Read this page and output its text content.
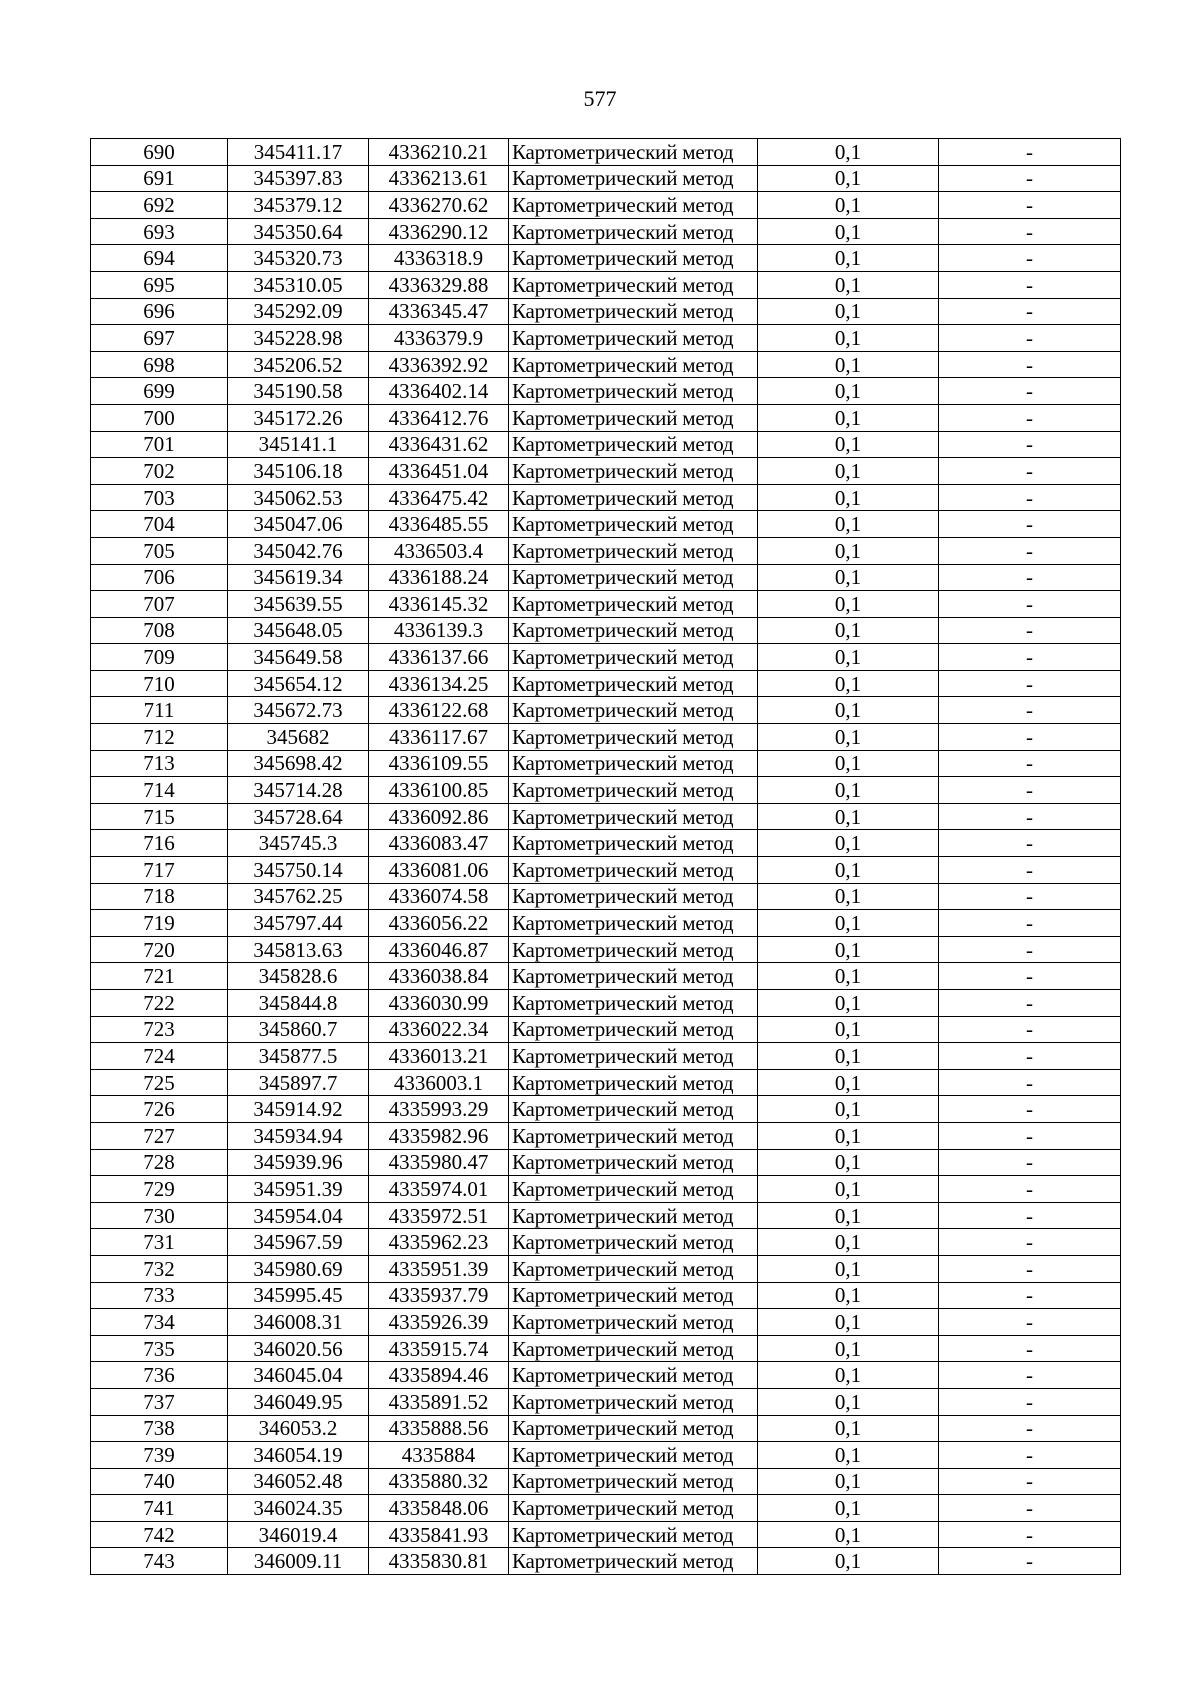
577
690	345411.17	4336210.21	Картометрический метод	0,1	-
691	345397.83	4336213.61	Картометрический метод	0,1	-
692	345379.12	4336270.62	Картометрический метод	0,1	-
693	345350.64	4336290.12	Картометрический метод	0,1	-
694	345320.73	4336318.9	Картометрический метод	0,1	-
695	345310.05	4336329.88	Картометрический метод	0,1	-
696	345292.09	4336345.47	Картометрический метод	0,1	-
697	345228.98	4336379.9	Картометрический метод	0,1	-
698	345206.52	4336392.92	Картометрический метод	0,1	-
699	345190.58	4336402.14	Картометрический метод	0,1	-
700	345172.26	4336412.76	Картометрический метод	0,1	-
701	345141.1	4336431.62	Картометрический метод	0,1	-
702	345106.18	4336451.04	Картометрический метод	0,1	-
703	345062.53	4336475.42	Картометрический метод	0,1	-
704	345047.06	4336485.55	Картометрический метод	0,1	-
705	345042.76	4336503.4	Картометрический метод	0,1	-
706	345619.34	4336188.24	Картометрический метод	0,1	-
707	345639.55	4336145.32	Картометрический метод	0,1	-
708	345648.05	4336139.3	Картометрический метод	0,1	-
709	345649.58	4336137.66	Картометрический метод	0,1	-
710	345654.12	4336134.25	Картометрический метод	0,1	-
711	345672.73	4336122.68	Картометрический метод	0,1	-
712	345682	4336117.67	Картометрический метод	0,1	-
713	345698.42	4336109.55	Картометрический метод	0,1	-
714	345714.28	4336100.85	Картометрический метод	0,1	-
715	345728.64	4336092.86	Картометрический метод	0,1	-
716	345745.3	4336083.47	Картометрический метод	0,1	-
717	345750.14	4336081.06	Картометрический метод	0,1	-
718	345762.25	4336074.58	Картометрический метод	0,1	-
719	345797.44	4336056.22	Картометрический метод	0,1	-
720	345813.63	4336046.87	Картометрический метод	0,1	-
721	345828.6	4336038.84	Картометрический метод	0,1	-
722	345844.8	4336030.99	Картометрический метод	0,1	-
723	345860.7	4336022.34	Картометрический метод	0,1	-
724	345877.5	4336013.21	Картометрический метод	0,1	-
725	345897.7	4336003.1	Картометрический метод	0,1	-
726	345914.92	4335993.29	Картометрический метод	0,1	-
727	345934.94	4335982.96	Картометрический метод	0,1	-
728	345939.96	4335980.47	Картометрический метод	0,1	-
729	345951.39	4335974.01	Картометрический метод	0,1	-
730	345954.04	4335972.51	Картометрический метод	0,1	-
731	345967.59	4335962.23	Картометрический метод	0,1	-
732	345980.69	4335951.39	Картометрический метод	0,1	-
733	345995.45	4335937.79	Картометрический метод	0,1	-
734	346008.31	4335926.39	Картометрический метод	0,1	-
735	346020.56	4335915.74	Картометрический метод	0,1	-
736	346045.04	4335894.46	Картометрический метод	0,1	-
737	346049.95	4335891.52	Картометрический метод	0,1	-
738	346053.2	4335888.56	Картометрический метод	0,1	-
739	346054.19	4335884	Картометрический метод	0,1	-
740	346052.48	4335880.32	Картометрический метод	0,1	-
741	346024.35	4335848.06	Картометрический метод	0,1	-
742	346019.4	4335841.93	Картометрический метод	0,1	-
743	346009.11	4335830.81	Картометрический метод	0,1	-
